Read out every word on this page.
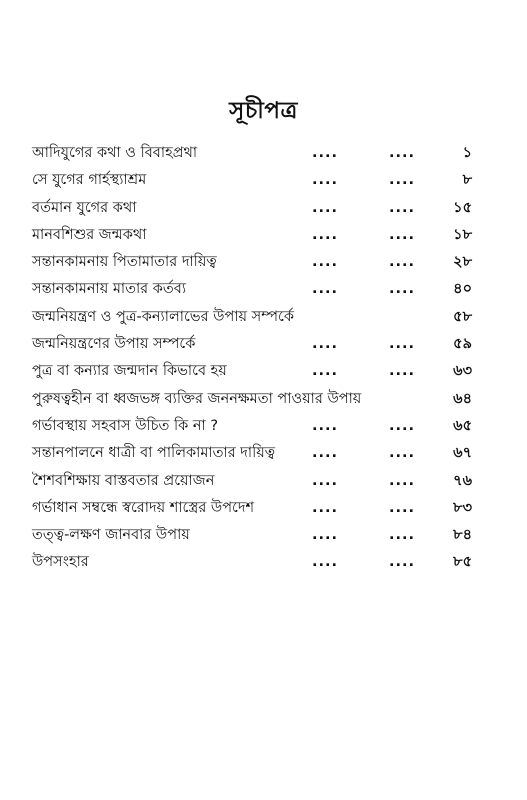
সূচীপত্র
আদিযুগের কথা ও বিবাহপ্রথা	....	....	১
সে যুগের গার্হস্থ্যাশ্রম	....	....	৮
বর্তমান যুগের কথা	....	....	১৫
মানবশিশুর জন্মকথা	....	....	১৮
সন্তানকামনায় পিতামাতার দায়িত্ব	....	....	২৮
সন্তানকামনায় মাতার কর্তব্য	....	....	৪০
জন্মনিয়ন্ত্রণ ও পুত্র-কন্যালাভের উপায় সম্পর্কে	৫৮
জন্মনিয়ন্ত্রণের উপায় সম্পর্কে	....	....	৫৯
পুত্র বা কন্যার জন্মদান কিভাবে হয়	....	....	৬৩
পুরুষত্বহীন বা ধ্বজভঙ্গ ব্যক্তির জননক্ষমতা পাওয়ার উপায়	৬৪
গর্ভাবস্থায় সহবাস উচিত কি না ?	....	....	৬৫
সন্তানপালনে ধাত্রী বা পালিকামাতার দায়িত্ব	....	....	৬৭
শৈশবশিক্ষায় বাস্তবতার প্রয়োজন	....	....	৭৬
গর্ভাধান সম্বন্ধে স্বরোদয় শাস্ত্রের উপদেশ	....	....	৮৩
তত্ত্ব-লক্ষণ জানবার উপায়	....	....	৮৪
উপসংহার	....	....	৮৫
